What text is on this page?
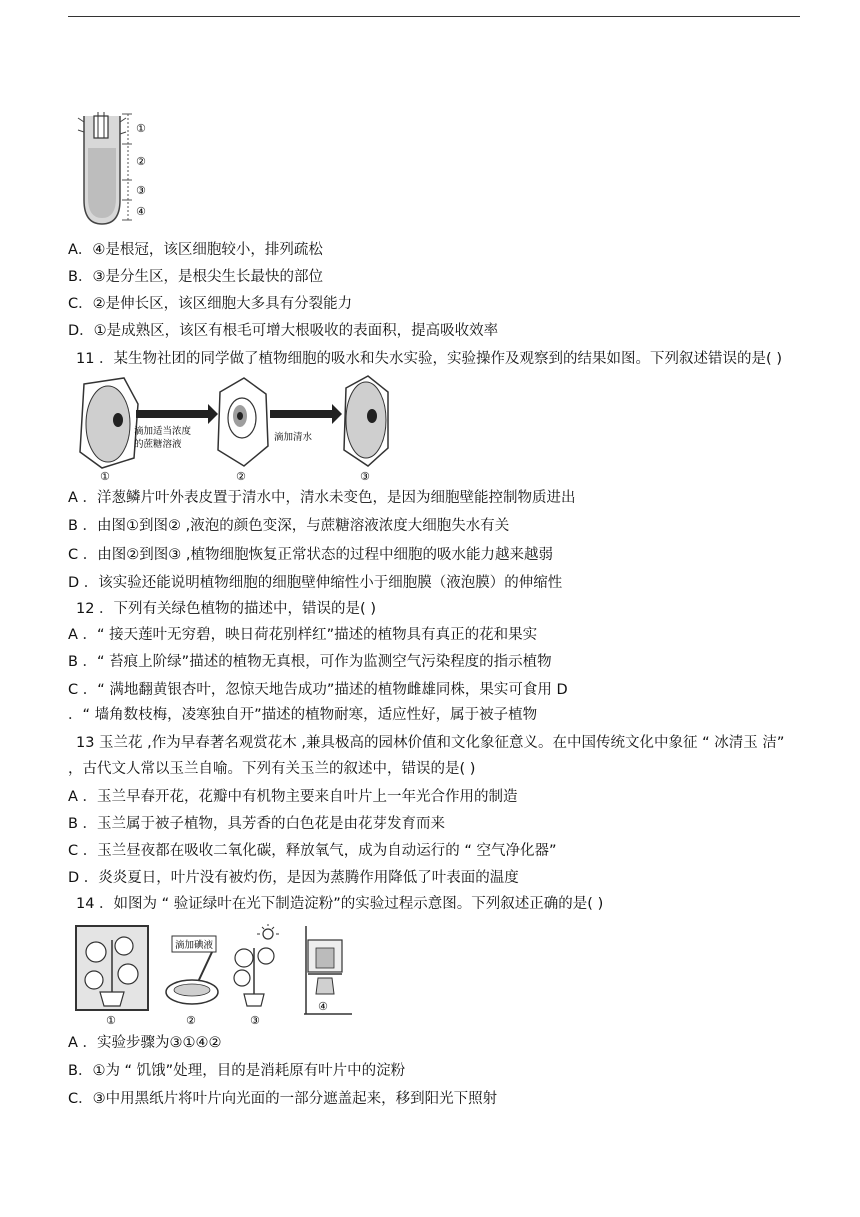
①
②
③
④
A．④是根冠，该区细胞较小，排列疏松
B．③是分生区，是根尖生长最快的部位
C．②是伸长区，该区细胞大多具有分裂能力
D．①是成熟区，该区有根毛可增大根吸收的表面积，提高吸收效率
11 ．某生物社团的同学做了植物细胞的吸水和失水实验，实验操作及观察到的结果如图。下列叙述错误的是( )
①
滴加适当浓度
的蔗糖溶液
②
滴加清水
③
A ．洋葱鳞片叶外表皮置于清水中，清水未变色，是因为细胞壁能控制物质进出
B ．由图①到图② ,液泡的颜色变深，与蔗糖溶液浓度大细胞失水有关
C ．由图②到图③ ,植物细胞恢复正常状态的过程中细胞的吸水能力越来越弱
D ．该实验还能说明植物细胞的细胞壁伸缩性小于细胞膜（液泡膜）的伸缩性
12 ．下列有关绿色植物的描述中，错误的是( )
A ．“ 接天莲叶无穷碧，映日荷花别样红”描述的植物具有真正的花和果实
B ．“ 苔痕上阶绿”描述的植物无真根，可作为监测空气污染程度的指示植物
C ．“ 满地翻黄银杏叶，忽惊天地告成功”描述的植物雌雄同株，果实可食用 D
．“ 墙角数枝梅，凌寒独自开”描述的植物耐寒，适应性好，属于被子植物
13 玉兰花 ,作为早春著名观赏花木 ,兼具极高的园林价值和文化象征意义。在中国传统文化中象征 “ 冰清玉 洁”
，古代文人常以玉兰自喻。下列有关玉兰的叙述中，错误的是( )
A ．玉兰早春开花，花瓣中有机物主要来自叶片上一年光合作用的制造
B ．玉兰属于被子植物，具芳香的白色花是由花芽发育而来
C ．玉兰昼夜都在吸收二氧化碳，释放氧气，成为自动运行的 “ 空气净化器”
D ．炎炎夏日，叶片没有被灼伤，是因为蒸腾作用降低了叶表面的温度
14 ．如图为 “ 验证绿叶在光下制造淀粉”的实验过程示意图。下列叙述正确的是( )
①
滴加碘液
②	③
④
A ．实验步骤为③①④②
B．①为 “ 饥饿”处理，目的是消耗原有叶片中的淀粉
C．③中用黑纸片将叶片向光面的一部分遮盖起来，移到阳光下照射
